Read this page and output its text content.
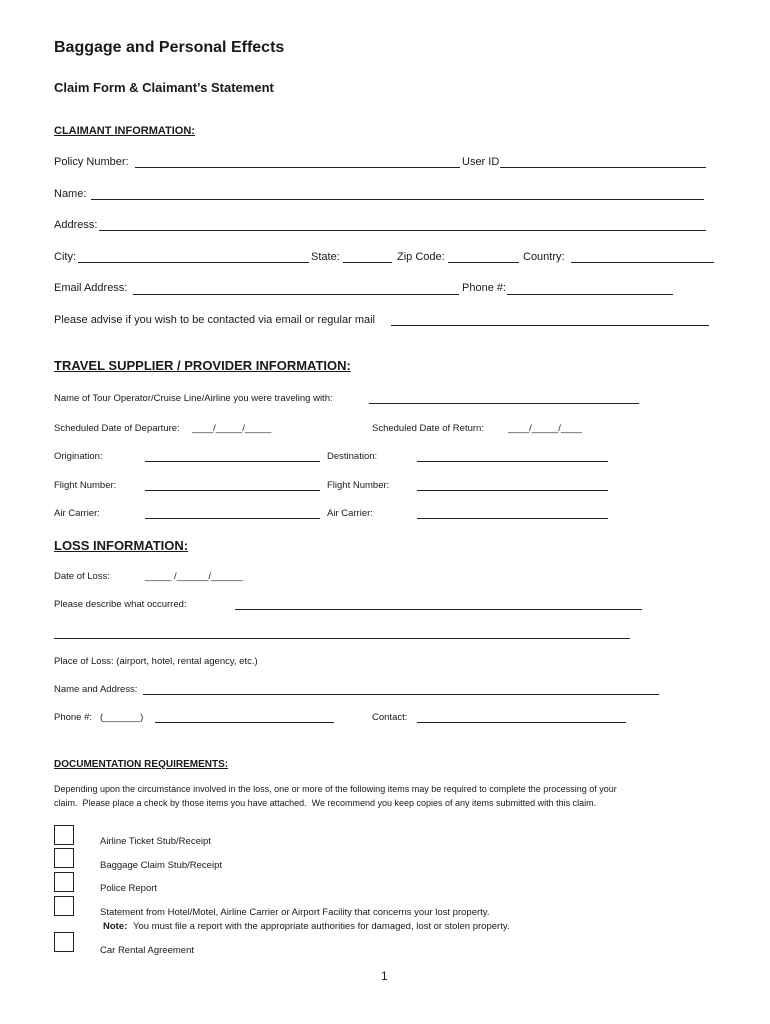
Baggage and Personal Effects
Claim Form & Claimant’s Statement
CLAIMANT INFORMATION:
Policy Number:	User ID
Name:
Address:
City:	State:	Zip Code:	Country:
Email Address:	Phone #:
Please advise if you wish to be contacted via email or regular mail
TRAVEL SUPPLIER / PROVIDER INFORMATION:
Name of Tour Operator/Cruise Line/Airline you were traveling with:
Scheduled Date of Departure: ____/_____/_____	Scheduled Date of Return:	____/_____/____
Origination:	Destination:
Flight Number:	Flight Number:
Air Carrier:	Air Carrier:
LOSS INFORMATION:
Date of Loss:	_____ /______/______
Please describe what occurred:
Place of Loss: (airport, hotel, rental agency, etc.)
Name and Address:
Phone #: (_______)	Contact:
DOCUMENTATION REQUIREMENTS:
Depending upon the circumstance involved in the loss, one or more of the following items may be required to complete the processing of your
claim.  Please place a check by those items you have attached.  We recommend you keep copies of any items submitted with this claim.
Airline Ticket Stub/Receipt
Baggage Claim Stub/Receipt
Police Report
Statement from Hotel/Motel, Airline Carrier or Airport Facility that concerns your lost property.
Note: You must file a report with the appropriate authorities for damaged, lost or stolen property.
Car Rental Agreement
1
